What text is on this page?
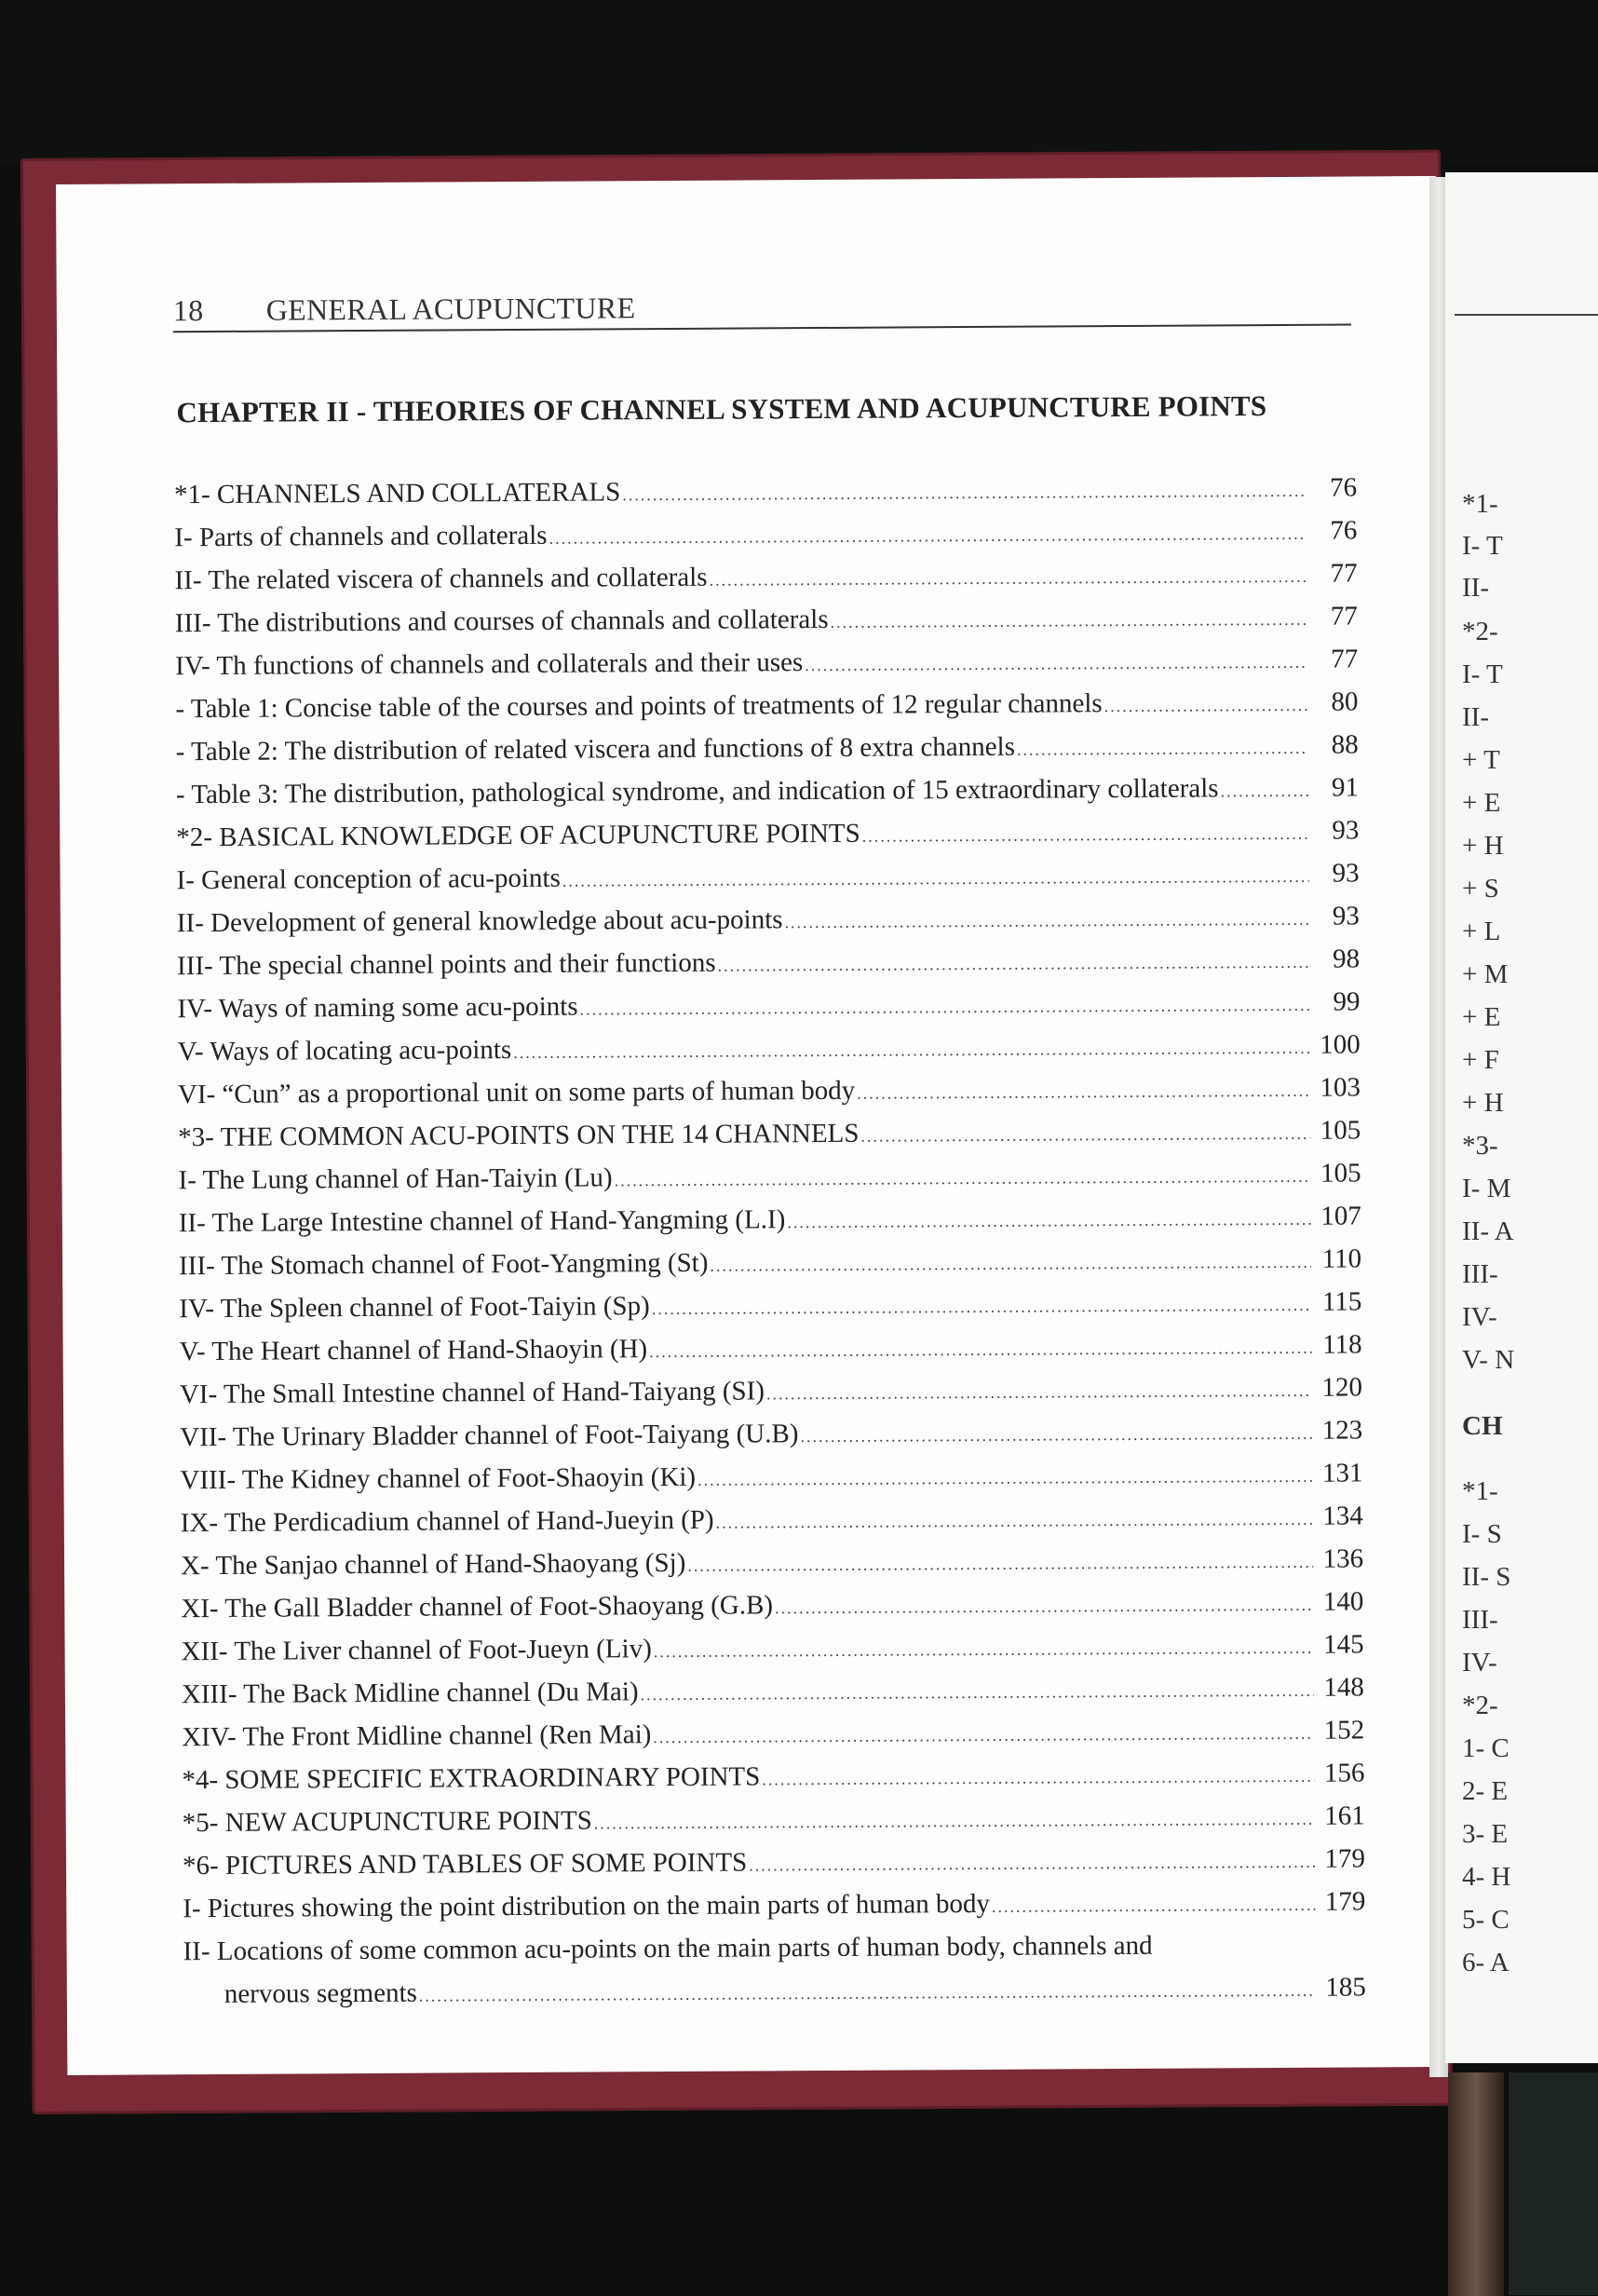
18 GENERAL ACUPUNCTURE
CHAPTER II - THEORIES OF CHANNEL SYSTEM AND ACUPUNCTURE POINTS
*1- CHANNELS AND COLLATERALS .....	76
I- Parts of channels and collaterals .....	76
II- The related viscera of channels and collaterals .....	77
III- The distributions and courses of channals and collaterals .....	77
IV- Th functions of channels and collaterals and their uses .....	77
- Table 1: Concise table of the courses and points of treatments of 12 regular channels .....	80
- Table 2: The distribution of related viscera and functions of 8 extra channels .....	88
- Table 3: The distribution, pathological syndrome, and indication of 15 extraordinary collaterals .....	91
*2- BASICAL KNOWLEDGE OF ACUPUNCTURE POINTS .....	93
I- General conception of acu-points .....	93
II- Development of general knowledge about acu-points .....	93
III- The special channel points and their functions .....	98
IV- Ways of naming some acu-points .....	99
V- Ways of locating acu-points .....	100
VI- “Cun” as a proportional unit on some parts of human body .....	103
*3- THE COMMON ACU-POINTS ON THE 14 CHANNELS .....	105
I- The Lung channel of Han-Taiyin (Lu) .....	105
II- The Large Intestine channel of Hand-Yangming (L.I) .....	107
III- The Stomach channel of Foot-Yangming (St) .....	110
IV- The Spleen channel of Foot-Taiyin (Sp) .....	115
V- The Heart channel of Hand-Shaoyin (H) .....	118
VI- The Small Intestine channel of Hand-Taiyang (SI) .....	120
VII- The Urinary Bladder channel of Foot-Taiyang (U.B) .....	123
VIII- The Kidney channel of Foot-Shaoyin (Ki) .....	131
IX- The Perdicadium channel of Hand-Jueyin (P) .....	134
X- The Sanjao channel of Hand-Shaoyang (Sj) .....	136
XI- The Gall Bladder channel of Foot-Shaoyang (G.B) .....	140
XII- The Liver channel of Foot-Jueyn (Liv) .....	145
XIII- The Back Midline channel (Du Mai) .....	148
XIV- The Front Midline channel (Ren Mai) .....	152
*4- SOME SPECIFIC EXTRAORDINARY POINTS .....	156
*5- NEW ACUPUNCTURE POINTS .....	161
*6- PICTURES AND TABLES OF SOME POINTS .....	179
I- Pictures showing the point distribution on the main parts of human body .....	179
II- Locations of some common acu-points on the main parts of human body, channels and
nervous segments .....	185
*1-
I- T
II-
*2-
I- T
II-
+ T
+ E
+ H
+ S
+ L
+ M
+ E
+ F
+ H
*3-
I- M
II- A
III-
IV-
V- N
CH
*1-
I- S
II- S
III-
IV-
*2-
1- C
2- E
3- E
4- H
5- C
6- A
